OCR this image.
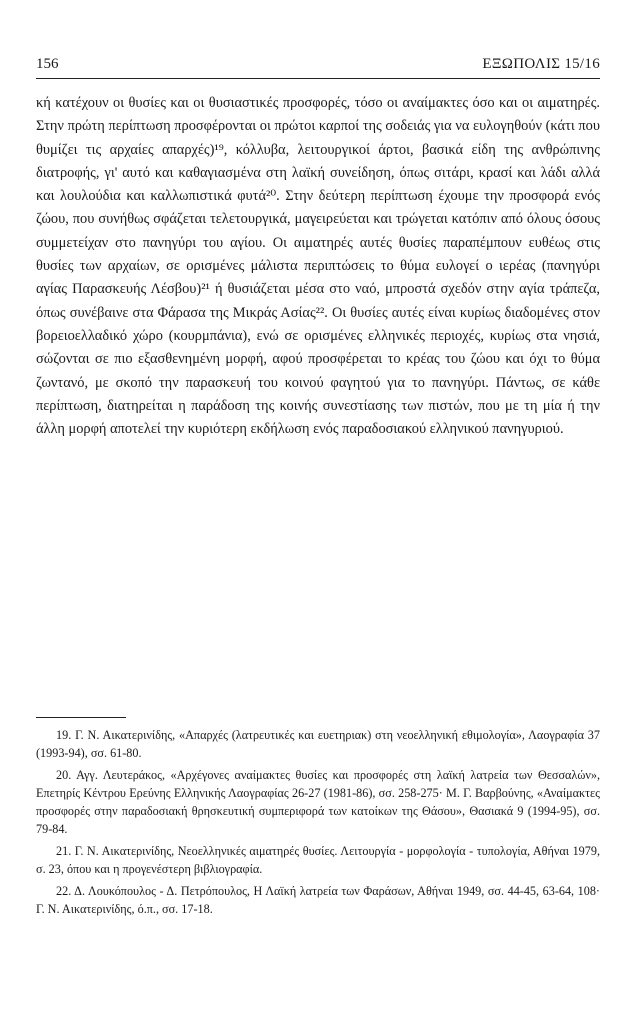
156	ΕΞΩΠΟΛΙΣ 15/16

κή κατέχουν οι θυσίες και οι θυσιαστικές προσφορές, τόσο οι αναίμακτες όσο και οι αιματηρές. Στην πρώτη περίπτωση προσφέρονται οι πρώτοι καρποί της σοδειάς για να ευλογηθούν (κάτι που θυμίζει τις αρχαίες απαρχές)¹⁹, κόλλυβα, λειτουργικοί άρτοι, βασικά είδη της ανθρώπινης διατροφής, γι' αυτό και καθαγιασμένα στη λαϊκή συνείδηση, όπως σιτάρι, κρασί και λάδι αλλά και λουλούδια και καλλωπιστικά φυτά²⁰. Στην δεύτερη περίπτωση έχουμε την προσφορά ενός ζώου, που συνήθως σφάζεται τελετουργικά, μαγειρεύεται και τρώγεται κατόπιν από όλους όσους συμμετείχαν στο πανηγύρι του αγίου. Οι αιματηρές αυτές θυσίες παραπέμπουν ευθέως στις θυσίες των αρχαίων, σε ορισμένες μάλιστα περιπτώσεις το θύμα ευλογεί ο ιερέας (πανηγύρι αγίας Παρασκευής Λέσβου)²¹ ή θυσιάζεται μέσα στο ναό, μπροστά σχεδόν στην αγία τράπεζα, όπως συνέβαινε στα Φάρασα της Μικράς Ασίας²². Οι θυσίες αυτές είναι κυρίως διαδομένες στον βορειοελλαδικό χώρο (κουρμπάνια), ενώ σε ορισμένες ελληνικές περιοχές, κυρίως στα νησιά, σώζονται σε πιο εξασθενημένη μορφή, αφού προσφέρεται το κρέας του ζώου και όχι το θύμα ζωντανό, με σκοπό την παρασκευή του κοινού φαγητού για το πανηγύρι. Πάντως, σε κάθε περίπτωση, διατηρείται η παράδοση της κοινής συνεστίασης των πιστών, που με τη μία ή την άλλη μορφή αποτελεί την κυριότερη εκδήλωση ενός παραδοσιακού ελληνικού πανηγυριού.

19. Γ. Ν. Αικατερινίδης, «Απαρχές (λατρευτικές και ευετηριακ) στη νεοελληνική εθιμολογία», Λαογραφία 37 (1993-94), σσ. 61-80.

20. Αγγ. Λευτεράκος, «Αρχέγονες αναίμακτες θυσίες και προσφορές στη λαϊκή λατρεία των Θεσσαλών», Επετηρίς Κέντρου Ερεύνης Ελληνικής Λαογραφίας 26-27 (1981-86), σσ. 258-275· Μ. Γ. Βαρβούνης, «Αναίμακτες προσφορές στην παραδοσιακή θρησκευτική συμπεριφορά των κατοίκων της Θάσου», Θασιακά 9 (1994-95), σσ. 79-84.

21. Γ. Ν. Αικατερινίδης, Νεοελληνικές αιματηρές θυσίες. Λειτουργία - μορφολογία - τυπολογία, Αθήναι 1979, σ. 23, όπου και η προγενέστερη βιβλιογραφία.

22. Δ. Λουκόπουλος - Δ. Πετρόπουλος, Η Λαϊκή λατρεία των Φαράσων, Αθήναι 1949, σσ. 44-45, 63-64, 108· Γ. Ν. Αικατερινίδης, ό.π., σσ. 17-18.
